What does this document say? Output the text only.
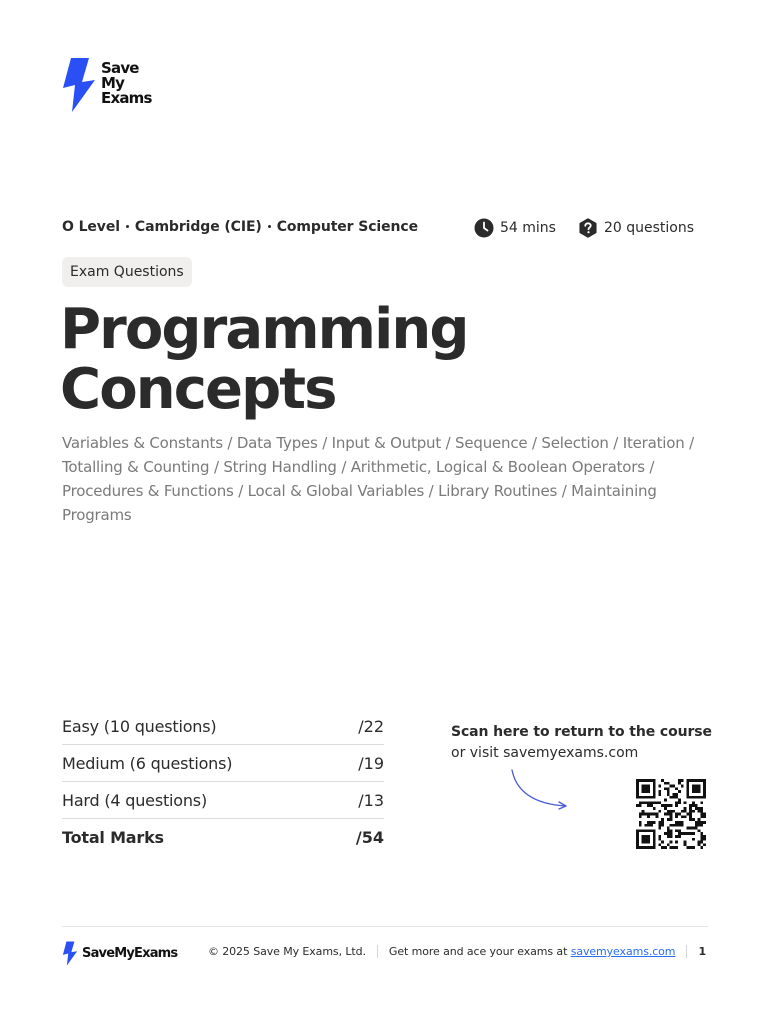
Save
My
Exams
O Level Cambridge (CIE) Computer Science	54 mins	20 questions
Exam Questions
Programming
Concepts
Variables & Constants / Data Types / Input & Output / Sequence / Selection / Iteration / Totalling & Counting / String Handling / Arithmetic, Logical & Boolean Operators / Procedures & Functions / Local & Global Variables / Library Routines / Maintaining Programs
Easy (10 questions)	/22
Medium (6 questions)	/19
Hard (4 questions)	/13
Total Marks	/54
Scan here to return to the course
or visit savemyexams.com
SaveMyExams	© 2025 Save My Exams, Ltd. Get more and ace your exams at
savemyexams.com 1
